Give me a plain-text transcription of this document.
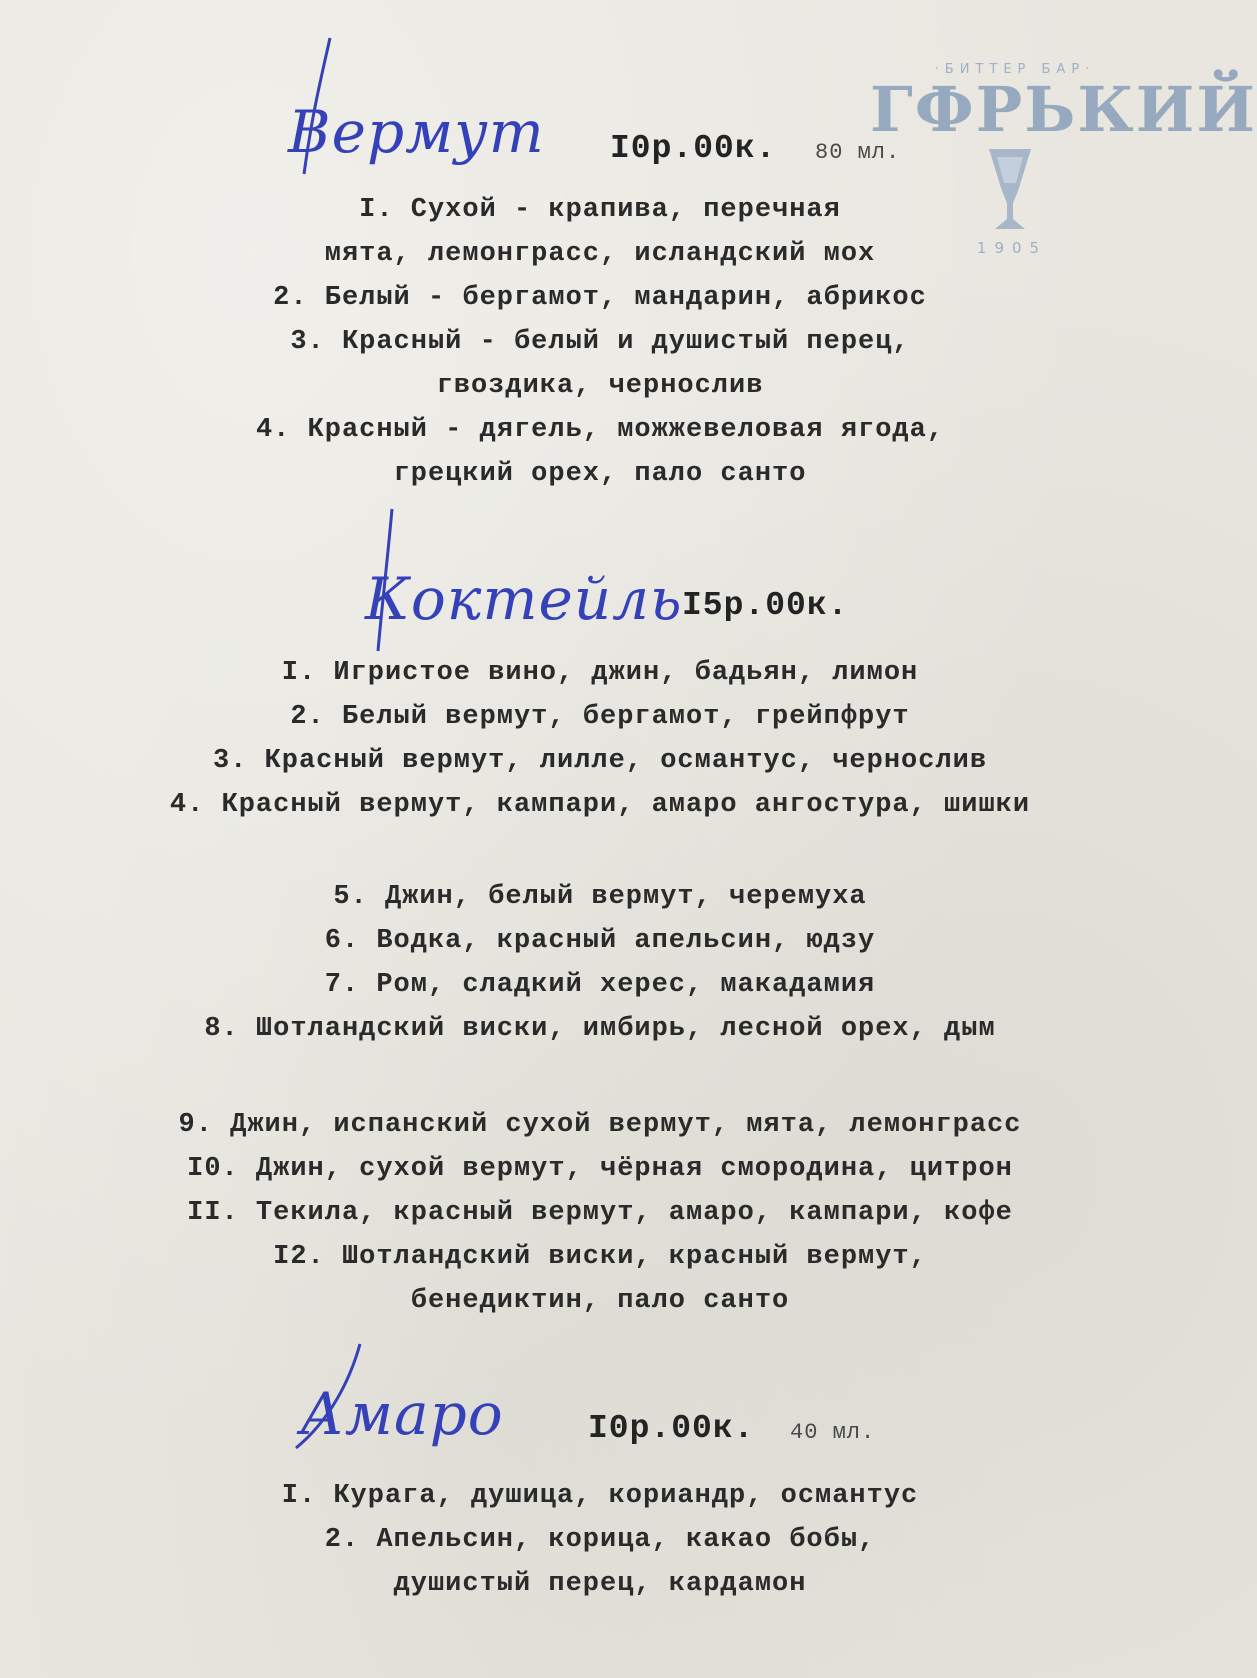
·БИТТЕР БАР·
ГФРЬКИЙ
1905
Вермут I0р.00к. 80 мл.
I. Сухой - крапива, перечная
мята, лемонграсс, исландский мох
2. Белый - бергамот, мандарин, абрикос
3. Красный - белый и душистый перец,
гвоздика, чернослив
4. Красный - дягель, можжевеловая ягода,
грецкий орех, пало санто
Коктейль I5р.00к.
I. Игристое вино, джин, бадьян, лимон
2. Белый вермут, бергамот, грейпфрут
3. Красный вермут, лилле, османтус, чернослив
4. Красный вермут, кампари, амаро ангостура, шишки
5. Джин, белый вермут, черемуха
6. Водка, красный апельсин, юдзу
7. Ром, сладкий херес, макадамия
8. Шотландский виски, имбирь, лесной орех, дым
9. Джин, испанский сухой вермут, мята, лемонграсс
I0. Джин, сухой вермут, чёрная смородина, цитрон
II. Текила, красный вермут, амаро, кампари, кофе
I2. Шотландский виски, красный вермут,
бенедиктин, пало санто
Амаро	I0р.00к. 40 мл.
I. Курага, душица, кориандр, османтус
2. Апельсин, корица, какао бобы,
душистый перец, кардамон
